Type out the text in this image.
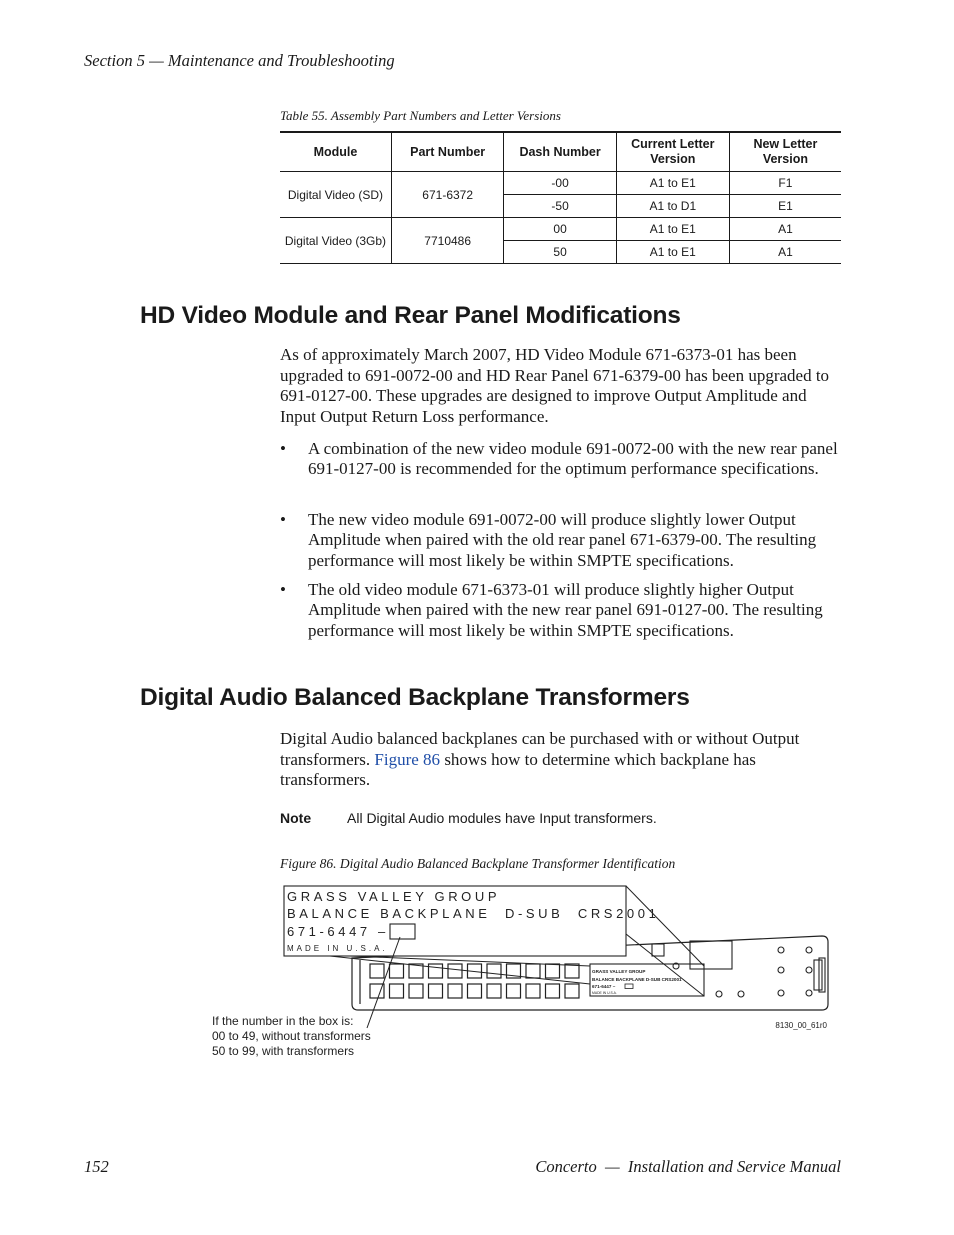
Section 5 — Maintenance and Troubleshooting
Table 55. Assembly Part Numbers and Letter Versions
Module	Part Number	Dash Number	Current Letter Version	New Letter Version
Digital Video (SD)	671-6372	-00	A1 to E1	F1
		-50	A1 to D1	E1
Digital Video (3Gb)	7710486	00	A1 to E1	A1
		50	A1 to E1	A1
HD Video Module and Rear Panel Modifications
As of approximately March 2007, HD Video Module 671-6373-01 has been upgraded to 691-0072-00 and HD Rear Panel 671-6379-00 has been upgraded to 691-0127-00. These upgrades are designed to improve Output Amplitude and Input Output Return Loss performance.
• A combination of the new video module 691-0072-00 with the new rear panel 691-0127-00 is recommended for the optimum performance specifications.
• The new video module 691-0072-00 will produce slightly lower Output Amplitude when paired with the old rear panel 671-6379-00. The resulting performance will most likely be within SMPTE specifications.
• The old video module 671-6373-01 will produce slightly higher Output Amplitude when paired with the new rear panel 691-0127-00. The resulting performance will most likely be within SMPTE specifications.
Digital Audio Balanced Backplane Transformers
Digital Audio balanced backplanes can be purchased with or without Output transformers. Figure 86 shows how to determine which backplane has transformers.
Note	All Digital Audio modules have Input transformers.
Figure 86. Digital Audio Balanced Backplane Transformer Identification
GRASS VALLEY GROUP
BALANCE BACKPLANE D-SUB CRS2001
671-6447 –
MADE IN U.S.A.
GRASS VALLEY GROUP
BALANCE BACKPLANE  D-SUB  CRS2001
671-6447 –
MADE IN U.S.A.
If the number in the box is:
00 to 49, without transformers
50 to 99, with transformers
8130_00_61r0
152	Concerto  —  Installation and Service Manual
